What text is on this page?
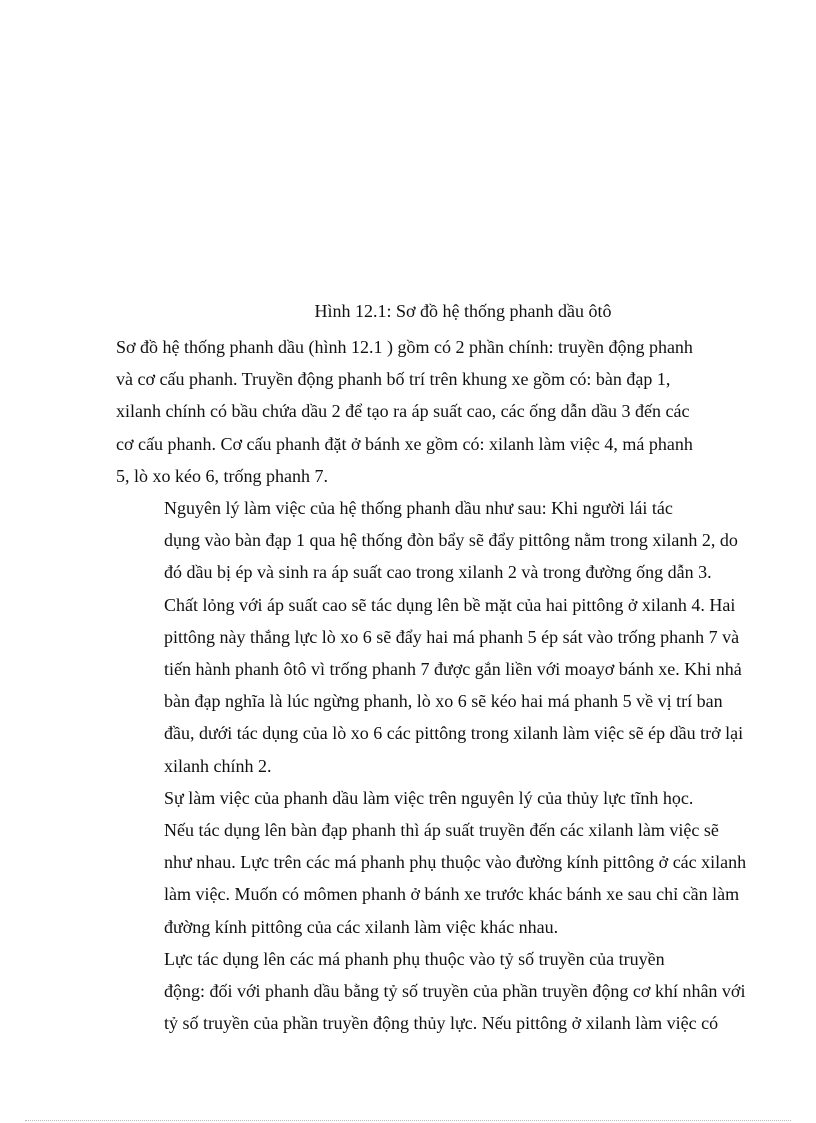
Hình 12.1: Sơ đồ hệ thống phanh dầu ôtô

Sơ đồ hệ thống phanh dầu (hình 12.1 ) gồm có 2 phần chính: truyền động phanh
và cơ cấu phanh. Truyền động phanh bố trí trên khung xe gồm có: bàn đạp 1,
xilanh chính có bầu chứa dầu 2 để tạo ra áp suất cao, các ống dẫn dầu 3 đến các
cơ cấu phanh. Cơ cấu phanh đặt ở bánh xe gồm có: xilanh làm việc 4, má phanh
5, lò xo kéo 6, trống phanh 7.

Nguyên lý làm việc của hệ thống phanh dầu như sau: Khi người lái tác
dụng vào bàn đạp 1 qua hệ thống đòn bẩy sẽ đẩy pittông nằm trong xilanh 2, do
đó dầu bị ép và sinh ra áp suất cao trong xilanh 2 và trong đường ống dẫn 3.
Chất lỏng với áp suất cao sẽ tác dụng lên bề mặt của hai pittông ở xilanh 4. Hai
pittông này thắng lực lò xo 6 sẽ đẩy hai má phanh 5 ép sát vào trống phanh 7 và
tiến hành phanh ôtô vì trống phanh 7 được gắn liền với moayơ bánh xe. Khi nhả
bàn đạp nghĩa là lúc ngừng phanh, lò xo 6 sẽ kéo hai má phanh 5 về vị trí ban
đầu, dưới tác dụng của lò xo 6 các pittông trong xilanh làm việc sẽ ép dầu trở lại
xilanh chính 2.

Sự làm việc của phanh dầu làm việc trên nguyên lý của thủy lực tĩnh học.
Nếu tác dụng lên bàn đạp phanh thì áp suất truyền đến các xilanh làm việc sẽ
như nhau. Lực trên các má phanh phụ thuộc vào đường kính pittông ở các xilanh
làm việc. Muốn có mômen phanh ở bánh xe trước khác bánh xe sau chỉ cần làm
đường kính pittông của các xilanh làm việc khác nhau.

Lực tác dụng lên các má phanh phụ thuộc vào tỷ số truyền của truyền
động: đối với phanh dầu bằng tỷ số truyền của phần truyền động cơ khí nhân với
tỷ số truyền của phần truyền động thủy lực. Nếu pittông ở xilanh làm việc có
